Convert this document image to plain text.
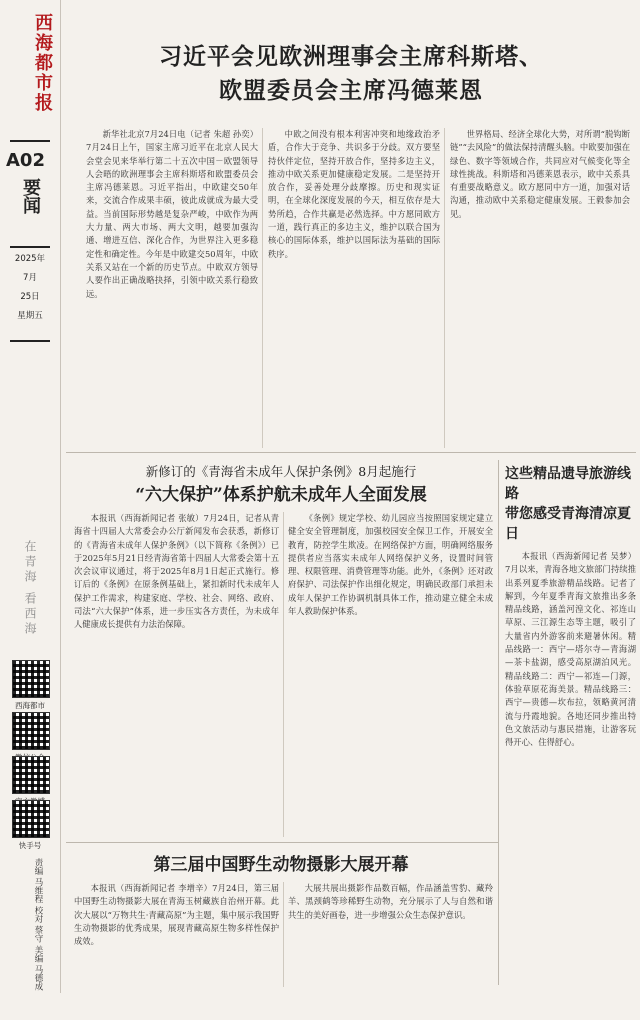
西海都市报
A02
要闻
2025年
7月
25日
星期五
在青海 看西海
西海都市
快手号
责编 马维程 校对 蔡守 美编 马德成
习近平会见欧洲理事会主席科斯塔、
欧盟委员会主席冯德莱恩

新华社北京7月24日电（记者 朱超 孙奕）7月24日上午，国家主席习近平在北京人民大会堂会见来华举行第二十五次中国－欧盟领导人会晤的欧洲理事会主席科斯塔和欧盟委员会主席冯德莱恩。习近平指出，中欧建交50年来，交流合作成果丰硕，彼此成就成为最大受益。当前国际形势越是复杂严峻，中欧作为两大力量、两大市场、两大文明，越要加强沟通、增进互信、深化合作，为世界注入更多稳定性和确定性。今年是中欧建交50周年，中欧关系又站在一个新的历史节点。中欧双方领导人要作出正确战略抉择，引领中欧关系行稳致远。

中欧之间没有根本利害冲突和地缘政治矛盾，合作大于竞争、共识多于分歧。双方要坚持伙伴定位，坚持开放合作，坚持多边主义，推动中欧关系更加健康稳定发展。二是坚持开放合作，妥善处理分歧摩擦。历史和现实证明，在全球化深度发展的今天，相互依存是大势所趋，合作共赢是必然选择。中方愿同欧方一道，践行真正的多边主义，维护以联合国为核心的国际体系，维护以国际法为基础的国际秩序。

世界格局、经济全球化大势，对所谓“脱钩断链”“去风险”的做法保持清醒头脑。中欧要加强在绿色、数字等领域合作，共同应对气候变化等全球性挑战。科斯塔和冯德莱恩表示，欧中关系具有重要战略意义。欧方愿同中方一道，加强对话沟通，推动欧中关系稳定健康发展。王毅参加会见。

新修订的《青海省未成年人保护条例》8月起施行
“六大保护”体系护航未成年人全面发展

本报讯（西海新闻记者 张敏）7月24日，记者从青海省十四届人大常委会办公厅新闻发布会获悉，新修订的《青海省未成年人保护条例》（以下简称《条例》）已于2025年5月21日经青海省第十四届人大常委会第十五次会议审议通过，将于2025年8月1日起正式施行。修订后的《条例》在原条例基础上，紧扣新时代未成年人保护工作需求，构建家庭、学校、社会、网络、政府、司法“六大保护”体系，进一步压实各方责任，为未成年人健康成长提供有力法治保障。

《条例》规定学校、幼儿园应当按照国家规定建立健全安全管理制度，加强校园安全保卫工作，开展安全教育，防控学生欺凌。在网络保护方面，明确网络服务提供者应当落实未成年人网络保护义务，设置时间管理、权限管理、消费管理等功能。此外，《条例》还对政府保护、司法保护作出细化规定，明确民政部门承担未成年人保护工作协调机制具体工作，推动建立健全未成年人救助保护体系。

第三届中国野生动物摄影大展开幕

本报讯（西海新闻记者 李增辛）7月24日，第三届中国野生动物摄影大展在青海玉树藏族自治州开幕。此次大展以“万物共生·青藏高原”为主题，集中展示我国野生动物摄影的优秀成果，展现青藏高原生物多样性保护成效。

大展共展出摄影作品数百幅，作品涵盖雪豹、藏羚羊、黑颈鹤等珍稀野生动物，充分展示了人与自然和谐共生的美好画卷，进一步增强公众生态保护意识。

这些精品遗导旅游线路
带您感受青海清凉夏日

本报讯（西海新闻记者 吴梦）7月以来，青海各地文旅部门持续推出系列夏季旅游精品线路。记者了解到，今年夏季青海文旅推出多条精品线路，涵盖河湟文化、祁连山草原、三江源生态等主题，吸引了大量省内外游客前来避暑休闲。精品线路一：西宁—塔尔寺—青海湖—茶卡盐湖，感受高原湖泊风光。精品线路二：西宁—祁连—门源，体验草原花海美景。精品线路三：西宁—贵德—坎布拉，领略黄河清流与丹霞地貌。各地还同步推出特色文旅活动与惠民措施，让游客玩得开心、住得舒心。
